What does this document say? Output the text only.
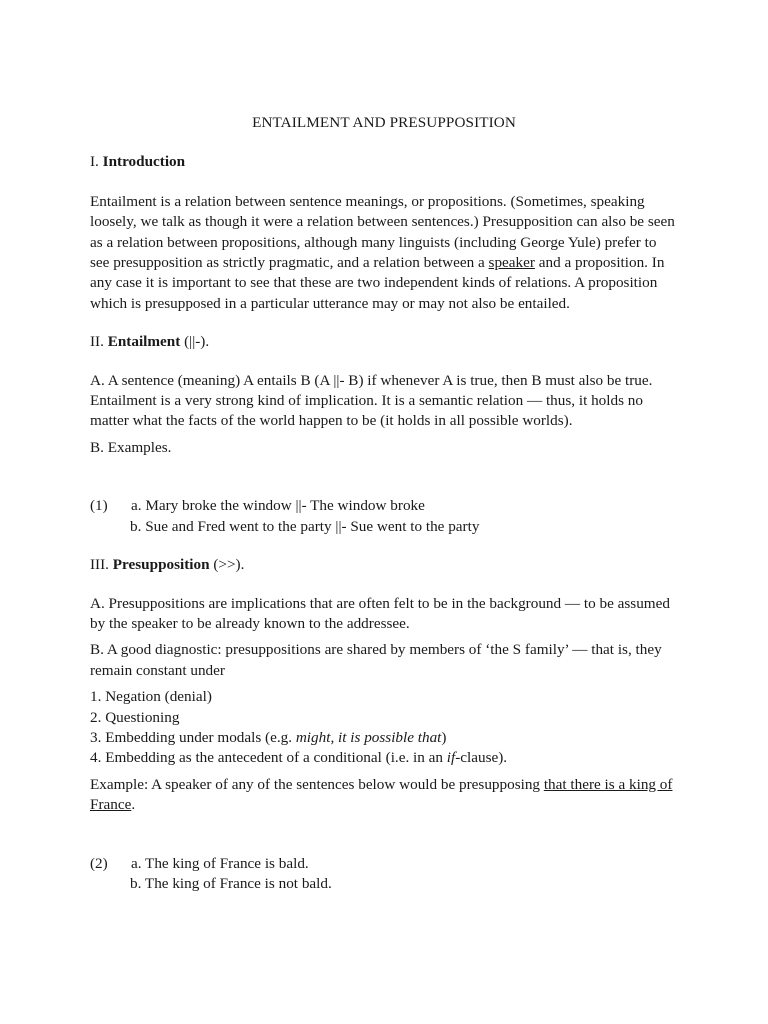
ENTAILMENT AND PRESUPPOSITION

I. Introduction

Entailment is a relation between sentence meanings, or propositions. (Sometimes, speaking loosely, we talk as though it were a relation between sentences.) Presupposition can also be seen as a relation between propositions, although many linguists (including George Yule) prefer to see presupposition as strictly pragmatic, and a relation between a speaker and a proposition. In any case it is important to see that these are two independent kinds of relations. A proposition which is presupposed in a particular utterance may or may not also be entailed.

II. Entailment (||-).

A. A sentence (meaning) A entails B (A ||- B) if whenever A is true, then B must also be true. Entailment is a very strong kind of implication. It is a semantic relation — thus, it holds no matter what the facts of the world happen to be (it holds in all possible worlds).

B. Examples.

(1)	a. Mary broke the window ||- The window broke
b. Sue and Fred went to the party ||- Sue went to the party

III. Presupposition (>>).

A. Presuppositions are implications that are often felt to be in the background — to be assumed by the speaker to be already known to the addressee.

B. A good diagnostic: presuppositions are shared by members of ‘the S family’ — that is, they remain constant under

1. Negation (denial)
2. Questioning
3. Embedding under modals (e.g. might, it is possible that)
4. Embedding as the antecedent of a conditional (i.e. in an if-clause).

Example: A speaker of any of the sentences below would be presupposing that there is a king of France.

(2)	a. The king of France is bald.
b. The king of France is not bald.
